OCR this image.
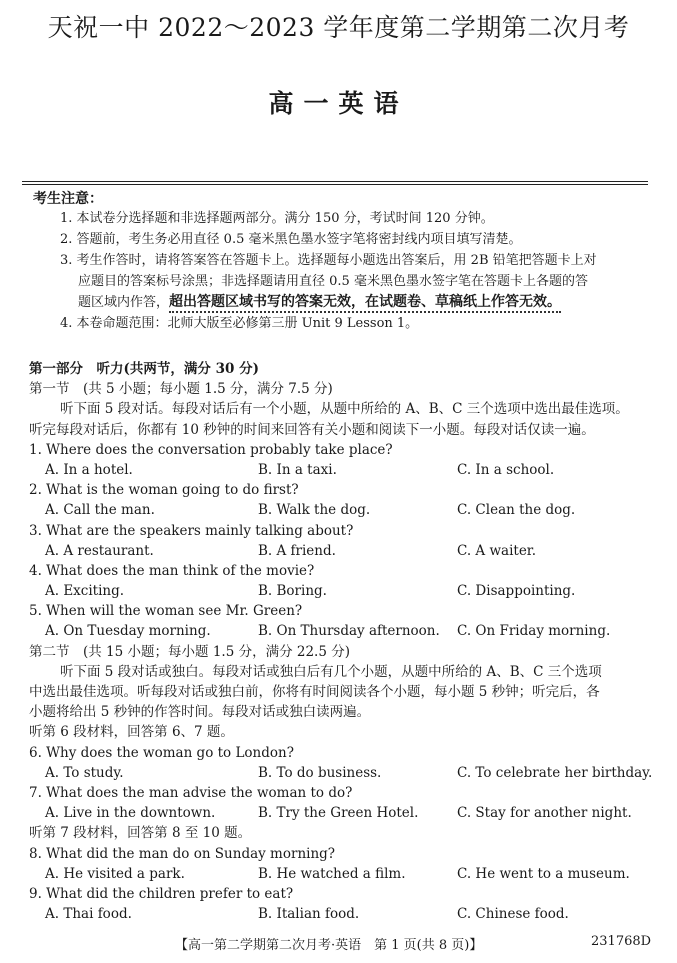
天祝一中 2022～2023 学年度第二学期第二次月考
高一英语
考生注意：
1. 本试卷分选择题和非选择题两部分。满分 150 分，考试时间 120 分钟。
2. 答题前，考生务必用直径 0.5 毫米黑色墨水签字笔将密封线内项目填写清楚。
3. 考生作答时，请将答案答在答题卡上。选择题每小题选出答案后，用 2B 铅笔把答题卡上对
应题目的答案标号涂黑；非选择题请用直径 0.5 毫米黑色墨水签字笔在答题卡上各题的答
题区域内作答，超出答题区域书写的答案无效，在试题卷、草稿纸上作答无效。
4. 本卷命题范围：北师大版至必修第三册 Unit 9 Lesson 1。
第一部分　听力(共两节，满分 30 分)
第一节　(共 5 小题；每小题 1.5 分，满分 7.5 分)
听下面 5 段对话。每段对话后有一个小题，从题中所给的 A、B、C 三个选项中选出最佳选项。
听完每段对话后，你都有 10 秒钟的时间来回答有关小题和阅读下一小题。每段对话仅读一遍。
1. Where does the conversation probably take place?
A. In a hotel.	B. In a taxi.	C. In a school.
2. What is the woman going to do first?
A. Call the man.	B. Walk the dog.	C. Clean the dog.
3. What are the speakers mainly talking about?
A. A restaurant.	B. A friend.	C. A waiter.
4. What does the man think of the movie?
A. Exciting.	B. Boring.	C. Disappointing.
5. When will the woman see Mr. Green?
A. On Tuesday morning.	B. On Thursday afternoon. C. On Friday morning.
第二节　(共 15 小题；每小题 1.5 分，满分 22.5 分)
听下面 5 段对话或独白。每段对话或独白后有几个小题，从题中所给的 A、B、C 三个选项
中选出最佳选项。听每段对话或独白前，你将有时间阅读各个小题，每小题 5 秒钟；听完后，各
小题将给出 5 秒钟的作答时间。每段对话或独白读两遍。
听第 6 段材料，回答第 6、7 题。
6. Why does the woman go to London?
A. To study.	B. To do business.	C. To celebrate her birthday.
7. What does the man advise the woman to do?
A. Live in the downtown.	B. Try the Green Hotel.	C. Stay for another night.
听第 7 段材料，回答第 8 至 10 题。
8. What did the man do on Sunday morning?
A. He visited a park.	B. He watched a film.	C. He went to a museum.
9. What did the children prefer to eat?
A. Thai food.	B. Italian food.	C. Chinese food.
【高一第二学期第二次月考·英语　第 1 页(共 8 页)】	231768D
